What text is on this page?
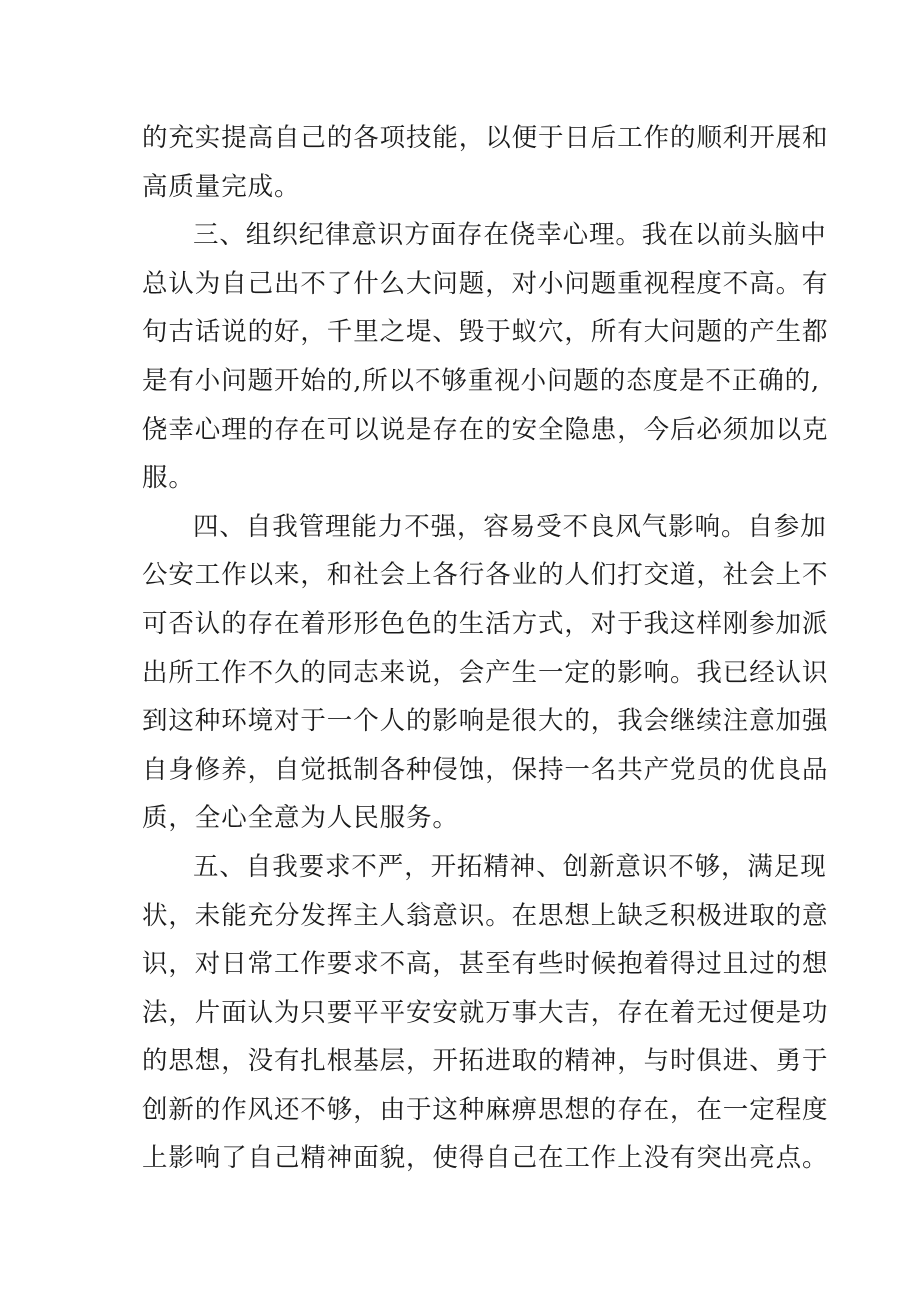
的充实提高自己的各项技能，以便于日后工作的顺利开展和
高质量完成。

三、组织纪律意识方面存在侥幸心理。我在以前头脑中
总认为自己出不了什么大问题，对小问题重视程度不高。有
句古话说的好，千里之堤、毁于蚁穴，所有大问题的产生都
是有小问题开始的,所以不够重视小问题的态度是不正确的,
侥幸心理的存在可以说是存在的安全隐患，今后必须加以克
服。

四、自我管理能力不强，容易受不良风气影响。自参加
公安工作以来，和社会上各行各业的人们打交道，社会上不
可否认的存在着形形色色的生活方式，对于我这样刚参加派
出所工作不久的同志来说，会产生一定的影响。我已经认识
到这种环境对于一个人的影响是很大的，我会继续注意加强
自身修养，自觉抵制各种侵蚀，保持一名共产党员的优良品
质，全心全意为人民服务。

五、自我要求不严，开拓精神、创新意识不够，满足现
状，未能充分发挥主人翁意识。在思想上缺乏积极进取的意
识，对日常工作要求不高，甚至有些时候抱着得过且过的想
法，片面认为只要平平安安就万事大吉，存在着无过便是功
的思想，没有扎根基层，开拓进取的精神，与时俱进、勇于
创新的作风还不够，由于这种麻痹思想的存在，在一定程度
上影响了自己精神面貌，使得自己在工作上没有突出亮点。
